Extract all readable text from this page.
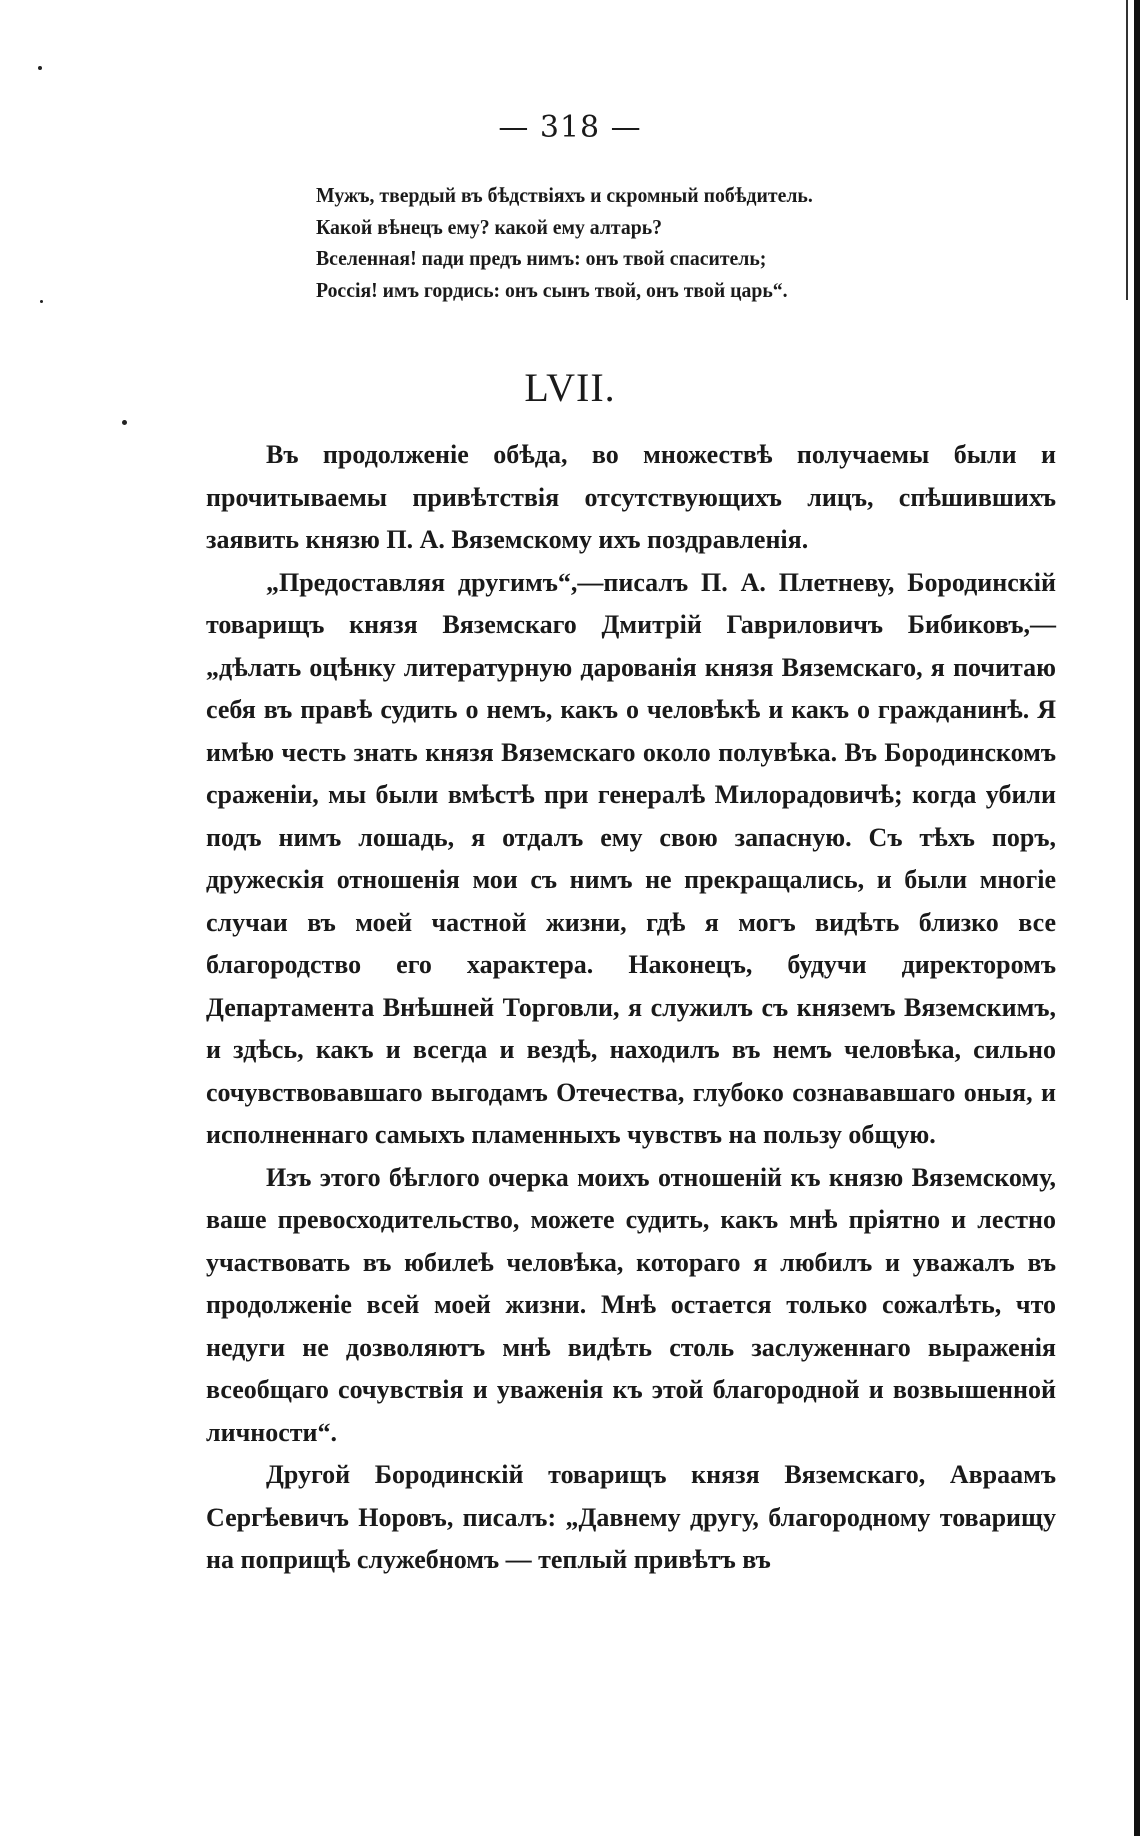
— 318 —
Мужъ, твердый въ бѣдствіяхъ и скромный побѣдитель.
Какой вѣнецъ ему? какой ему алтарь?
Вселенная! пади предъ нимъ: онъ твой спаситель;
Россія! имъ гордись: онъ сынъ твой, онъ твой царь“.
LVII.

Въ продолженіе обѣда, во множествѣ получаемы были и прочитываемы привѣтствія отсутствующихъ лицъ, спѣшившихъ заявить князю П. А. Вяземскому ихъ поздравленія.

„Предоставляя другимъ“,—писалъ П. А. Плетневу, Бородинскій товарищъ князя Вяземскаго Дмитрій Гавриловичъ Бибиковъ,—„дѣлать оцѣнку литературную дарованія князя Вяземскаго, я почитаю себя въ правѣ судить о немъ, какъ о человѣкѣ и какъ о гражданинѣ. Я имѣю честь знать князя Вяземскаго около полувѣка. Въ Бородинскомъ сраженіи, мы были вмѣстѣ при генералѣ Милорадовичѣ; когда убили подъ нимъ лошадь, я отдалъ ему свою запасную. Съ тѣхъ поръ, дружескія отношенія мои съ нимъ не прекращались, и были многіе случаи въ моей частной жизни, гдѣ я могъ видѣть близко все благородство его характера. Наконецъ, будучи директоромъ Департамента Внѣшней Торговли, я служилъ съ княземъ Вяземскимъ, и здѣсь, какъ и всегда и вездѣ, находилъ въ немъ человѣка, сильно сочувствовавшаго выгодамъ Отечества, глубоко сознававшаго оныя, и исполненнаго самыхъ пламенныхъ чувствъ на пользу общую.

Изъ этого бѣглого очерка моихъ отношеній къ князю Вяземскому, ваше превосходительство, можете судить, какъ мнѣ пріятно и лестно участвовать въ юбилеѣ человѣка, котораго я любилъ и уважалъ въ продолженіе всей моей жизни. Мнѣ остается только сожалѣть, что недуги не дозволяютъ мнѣ видѣть столь заслуженнаго выраженія всеобщаго сочувствія и уваженія къ этой благородной и возвышенной личности“.

Другой Бородинскій товарищъ князя Вяземскаго, Авраамъ Сергѣевичъ Норовъ, писалъ: „Давнему другу, благородному товарищу на поприщѣ служебномъ — теплый привѣтъ въ
